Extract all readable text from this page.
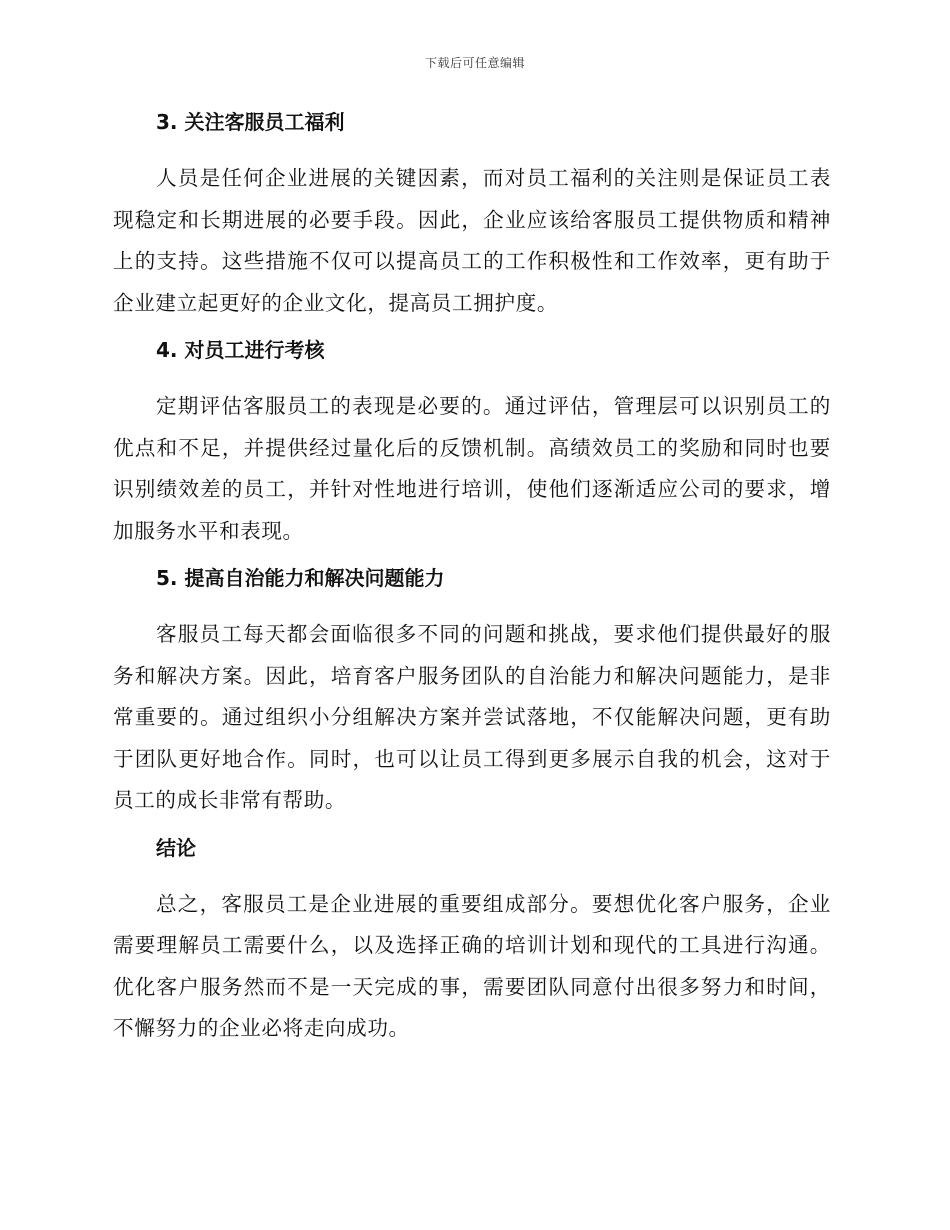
下载后可任意编辑
3. 关注客服员工福利

人员是任何企业进展的关键因素，而对员工福利的关注则是保证员工表现稳定和长期进展的必要手段。因此，企业应该给客服员工提供物质和精神上的支持。这些措施不仅可以提高员工的工作积极性和工作效率，更有助于企业建立起更好的企业文化，提高员工拥护度。

4. 对员工进行考核

定期评估客服员工的表现是必要的。通过评估，管理层可以识别员工的优点和不足，并提供经过量化后的反馈机制。高绩效员工的奖励和同时也要识别绩效差的员工，并针对性地进行培训，使他们逐渐适应公司的要求，增加服务水平和表现。

5. 提高自治能力和解决问题能力

客服员工每天都会面临很多不同的问题和挑战，要求他们提供最好的服务和解决方案。因此，培育客户服务团队的自治能力和解决问题能力，是非常重要的。通过组织小分组解决方案并尝试落地，不仅能解决问题，更有助于团队更好地合作。同时，也可以让员工得到更多展示自我的机会，这对于员工的成长非常有帮助。

结论

总之，客服员工是企业进展的重要组成部分。要想优化客户服务，企业需要理解员工需要什么，以及选择正确的培训计划和现代的工具进行沟通。优化客户服务然而不是一天完成的事，需要团队同意付出很多努力和时间，不懈努力的企业必将走向成功。
